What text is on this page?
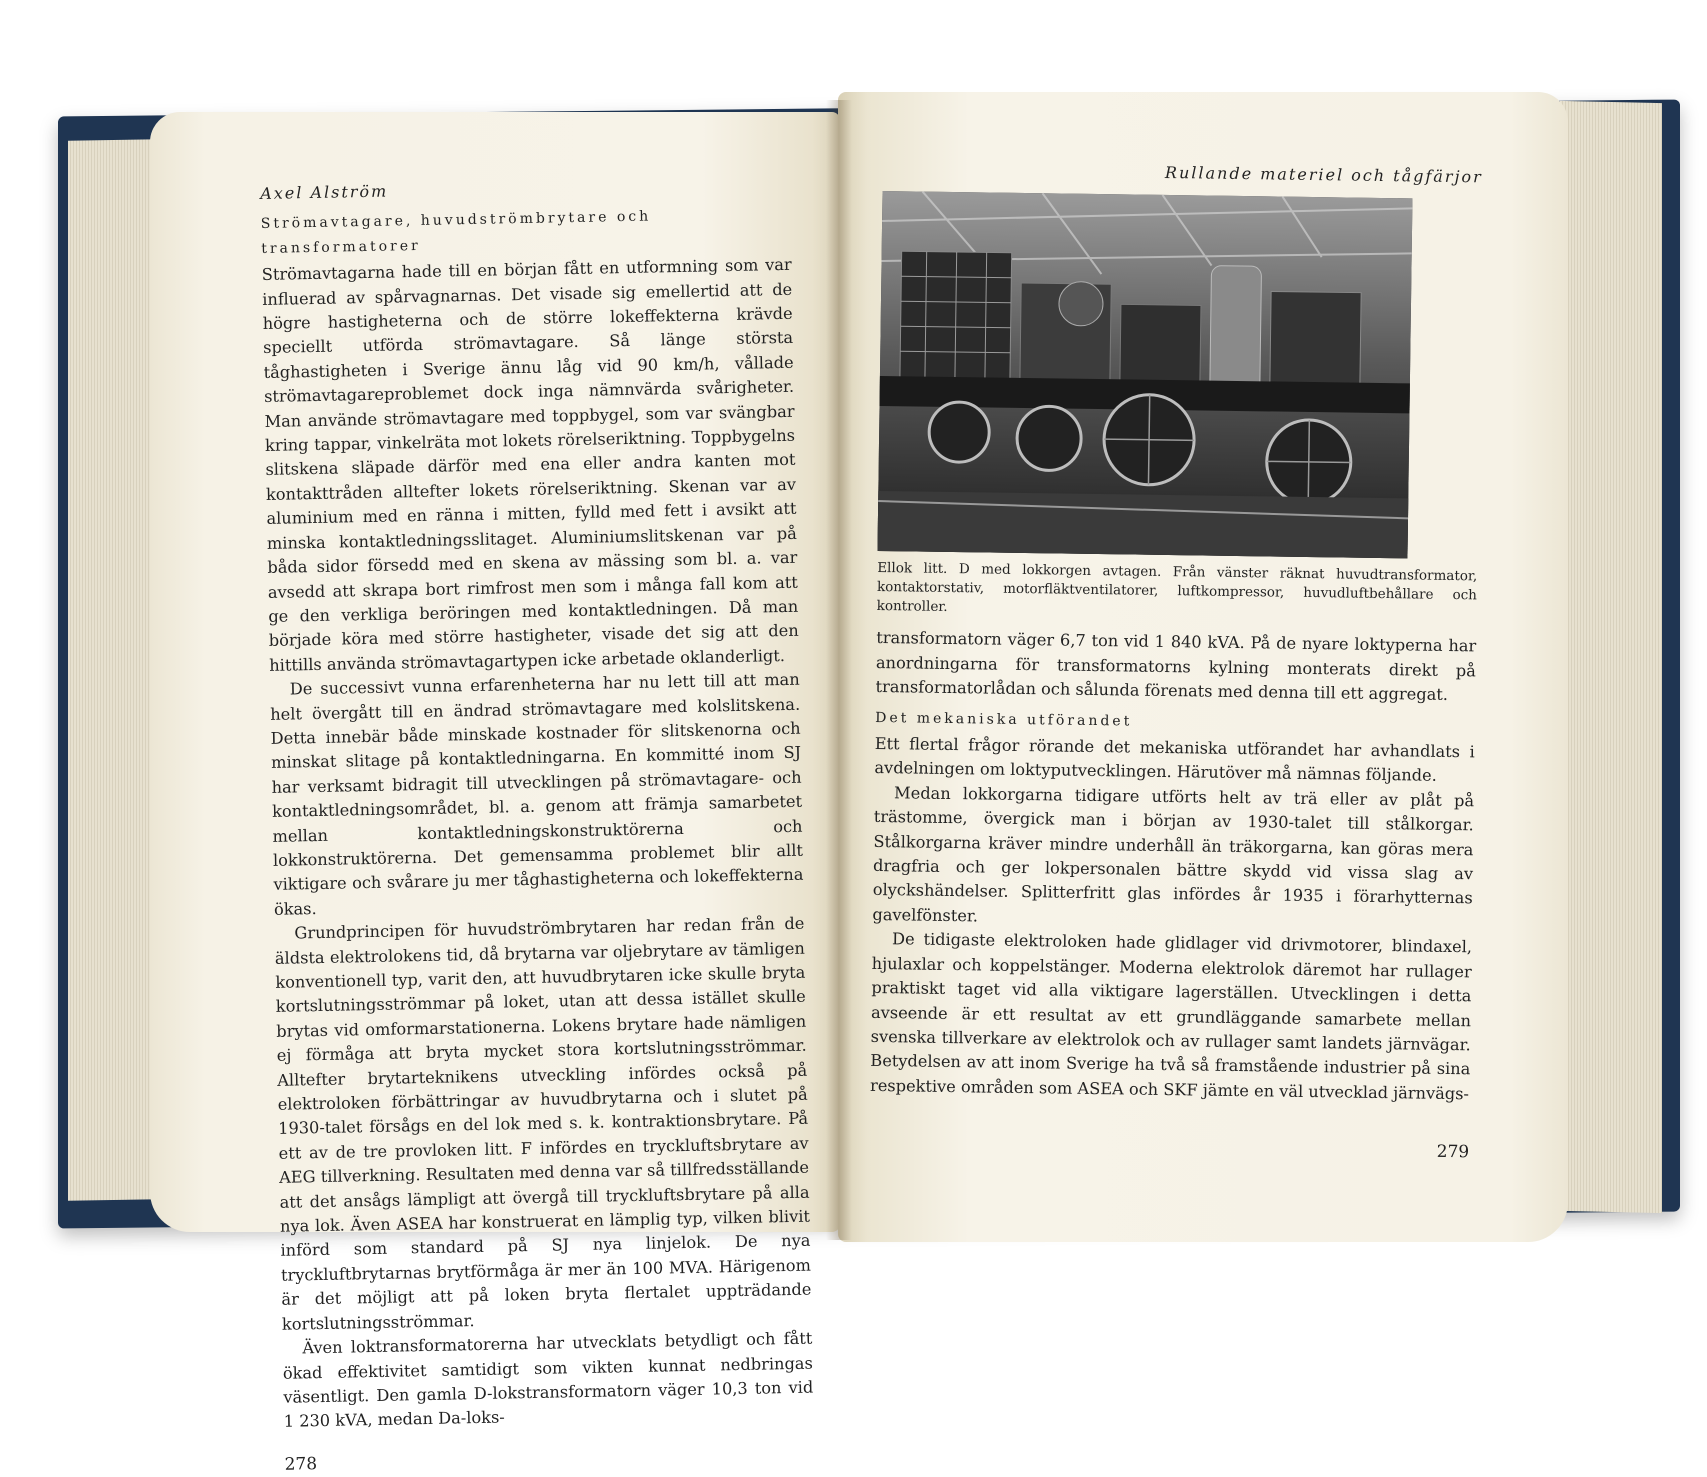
Axel Alström
Strömavtagare, huvudströmbrytare och transformatorer

Strömavtagarna hade till en början fått en utformning som var influerad av spårvagnarnas. Det visade sig emellertid att de högre hastigheterna och de större lokeffekterna krävde speciellt utförda strömavtagare. Så länge största tåghastigheten i Sverige ännu låg vid 90 km/h, vållade strömavtagareproblemet dock inga nämnvärda svårigheter. Man använde strömavtagare med toppbygel, som var svängbar kring tappar, vinkelräta mot lokets rörelseriktning. Toppbygelns slitskena släpade därför med ena eller andra kanten mot kontakttråden alltefter lokets rörelseriktning. Skenan var av aluminium med en ränna i mitten, fylld med fett i avsikt att minska kontaktledningsslitaget. Aluminiumslitskenan var på båda sidor försedd med en skena av mässing som bl. a. var avsedd att skrapa bort rimfrost men som i många fall kom att ge den verkliga beröringen med kontaktledningen. Då man började köra med större hastigheter, visade det sig att den hittills använda strömavtagartypen icke arbetade oklanderligt.

De successivt vunna erfarenheterna har nu lett till att man helt övergått till en ändrad strömavtagare med kolslitskena. Detta innebär både minskade kostnader för slitskenorna och minskat slitage på kontaktledningarna. En kommitté inom SJ har verksamt bidragit till utvecklingen på strömavtagare- och kontaktledningsområdet, bl. a. genom att främja samarbetet mellan kontaktledningskonstruktörerna och lokkonstruktörerna. Det gemensamma problemet blir allt viktigare och svårare ju mer tåghastigheterna och lokeffekterna ökas.

Grundprincipen för huvudströmbrytaren har redan från de äldsta elektrolokens tid, då brytarna var oljebrytare av tämligen konventionell typ, varit den, att huvudbrytaren icke skulle bryta kortslutningsströmmar på loket, utan att dessa istället skulle brytas vid omformarstationerna. Lokens brytare hade nämligen ej förmåga att bryta mycket stora kortslutningsströmmar. Alltefter brytarteknikens utveckling infördes också på elektroloken förbättringar av huvudbrytarna och i slutet på 1930-talet försågs en del lok med s. k. kontraktionsbrytare. På ett av de tre provloken litt. F infördes en tryckluftsbrytare av AEG tillverkning. Resultaten med denna var så tillfredsställande att det ansågs lämpligt att övergå till tryckluftsbrytare på alla nya lok. Även ASEA har konstruerat en lämplig typ, vilken blivit införd som standard på SJ nya linjelok. De nya tryckluftbrytarnas brytförmåga är mer än 100 MVA. Härigenom är det möjligt att på loken bryta flertalet uppträdande kortslutningsströmmar.

Även loktransformatorerna har utvecklats betydligt och fått ökad effektivitet samtidigt som vikten kunnat nedbringas väsentligt. Den gamla D-lokstransformatorn väger 10,3 ton vid 1 230 kVA, medan Da-loks-

278
Rullande materiel och tågfärjor
Ellok litt. D med lokkorgen avtagen. Från vänster räknat huvudtransformator, kontaktorstativ, motorfläktventilatorer, luftkompressor, huvudluftbehållare och kontroller.

transformatorn väger 6,7 ton vid 1 840 kVA. På de nyare loktyperna har anordningarna för transformatorns kylning monterats direkt på transformatorlådan och sålunda förenats med denna till ett aggregat.

Det mekaniska utförandet

Ett flertal frågor rörande det mekaniska utförandet har avhandlats i avdelningen om loktyputvecklingen. Härutöver må nämnas följande.

Medan lokkorgarna tidigare utförts helt av trä eller av plåt på trästomme, övergick man i början av 1930-talet till stålkorgar. Stålkorgarna kräver mindre underhåll än träkorgarna, kan göras mera dragfria och ger lokpersonalen bättre skydd vid vissa slag av olyckshändelser. Splitterfritt glas infördes år 1935 i förarhytternas gavelfönster.

De tidigaste elektroloken hade glidlager vid drivmotorer, blindaxel, hjulaxlar och koppelstänger. Moderna elektrolok däremot har rullager praktiskt taget vid alla viktigare lagerställen. Utvecklingen i detta avseende är ett resultat av ett grundläggande samarbete mellan svenska tillverkare av elektrolok och av rullager samt landets järnvägar. Betydelsen av att inom Sverige ha två så framstående industrier på sina respektive områden som ASEA och SKF jämte en väl utvecklad järnvägs-

279
